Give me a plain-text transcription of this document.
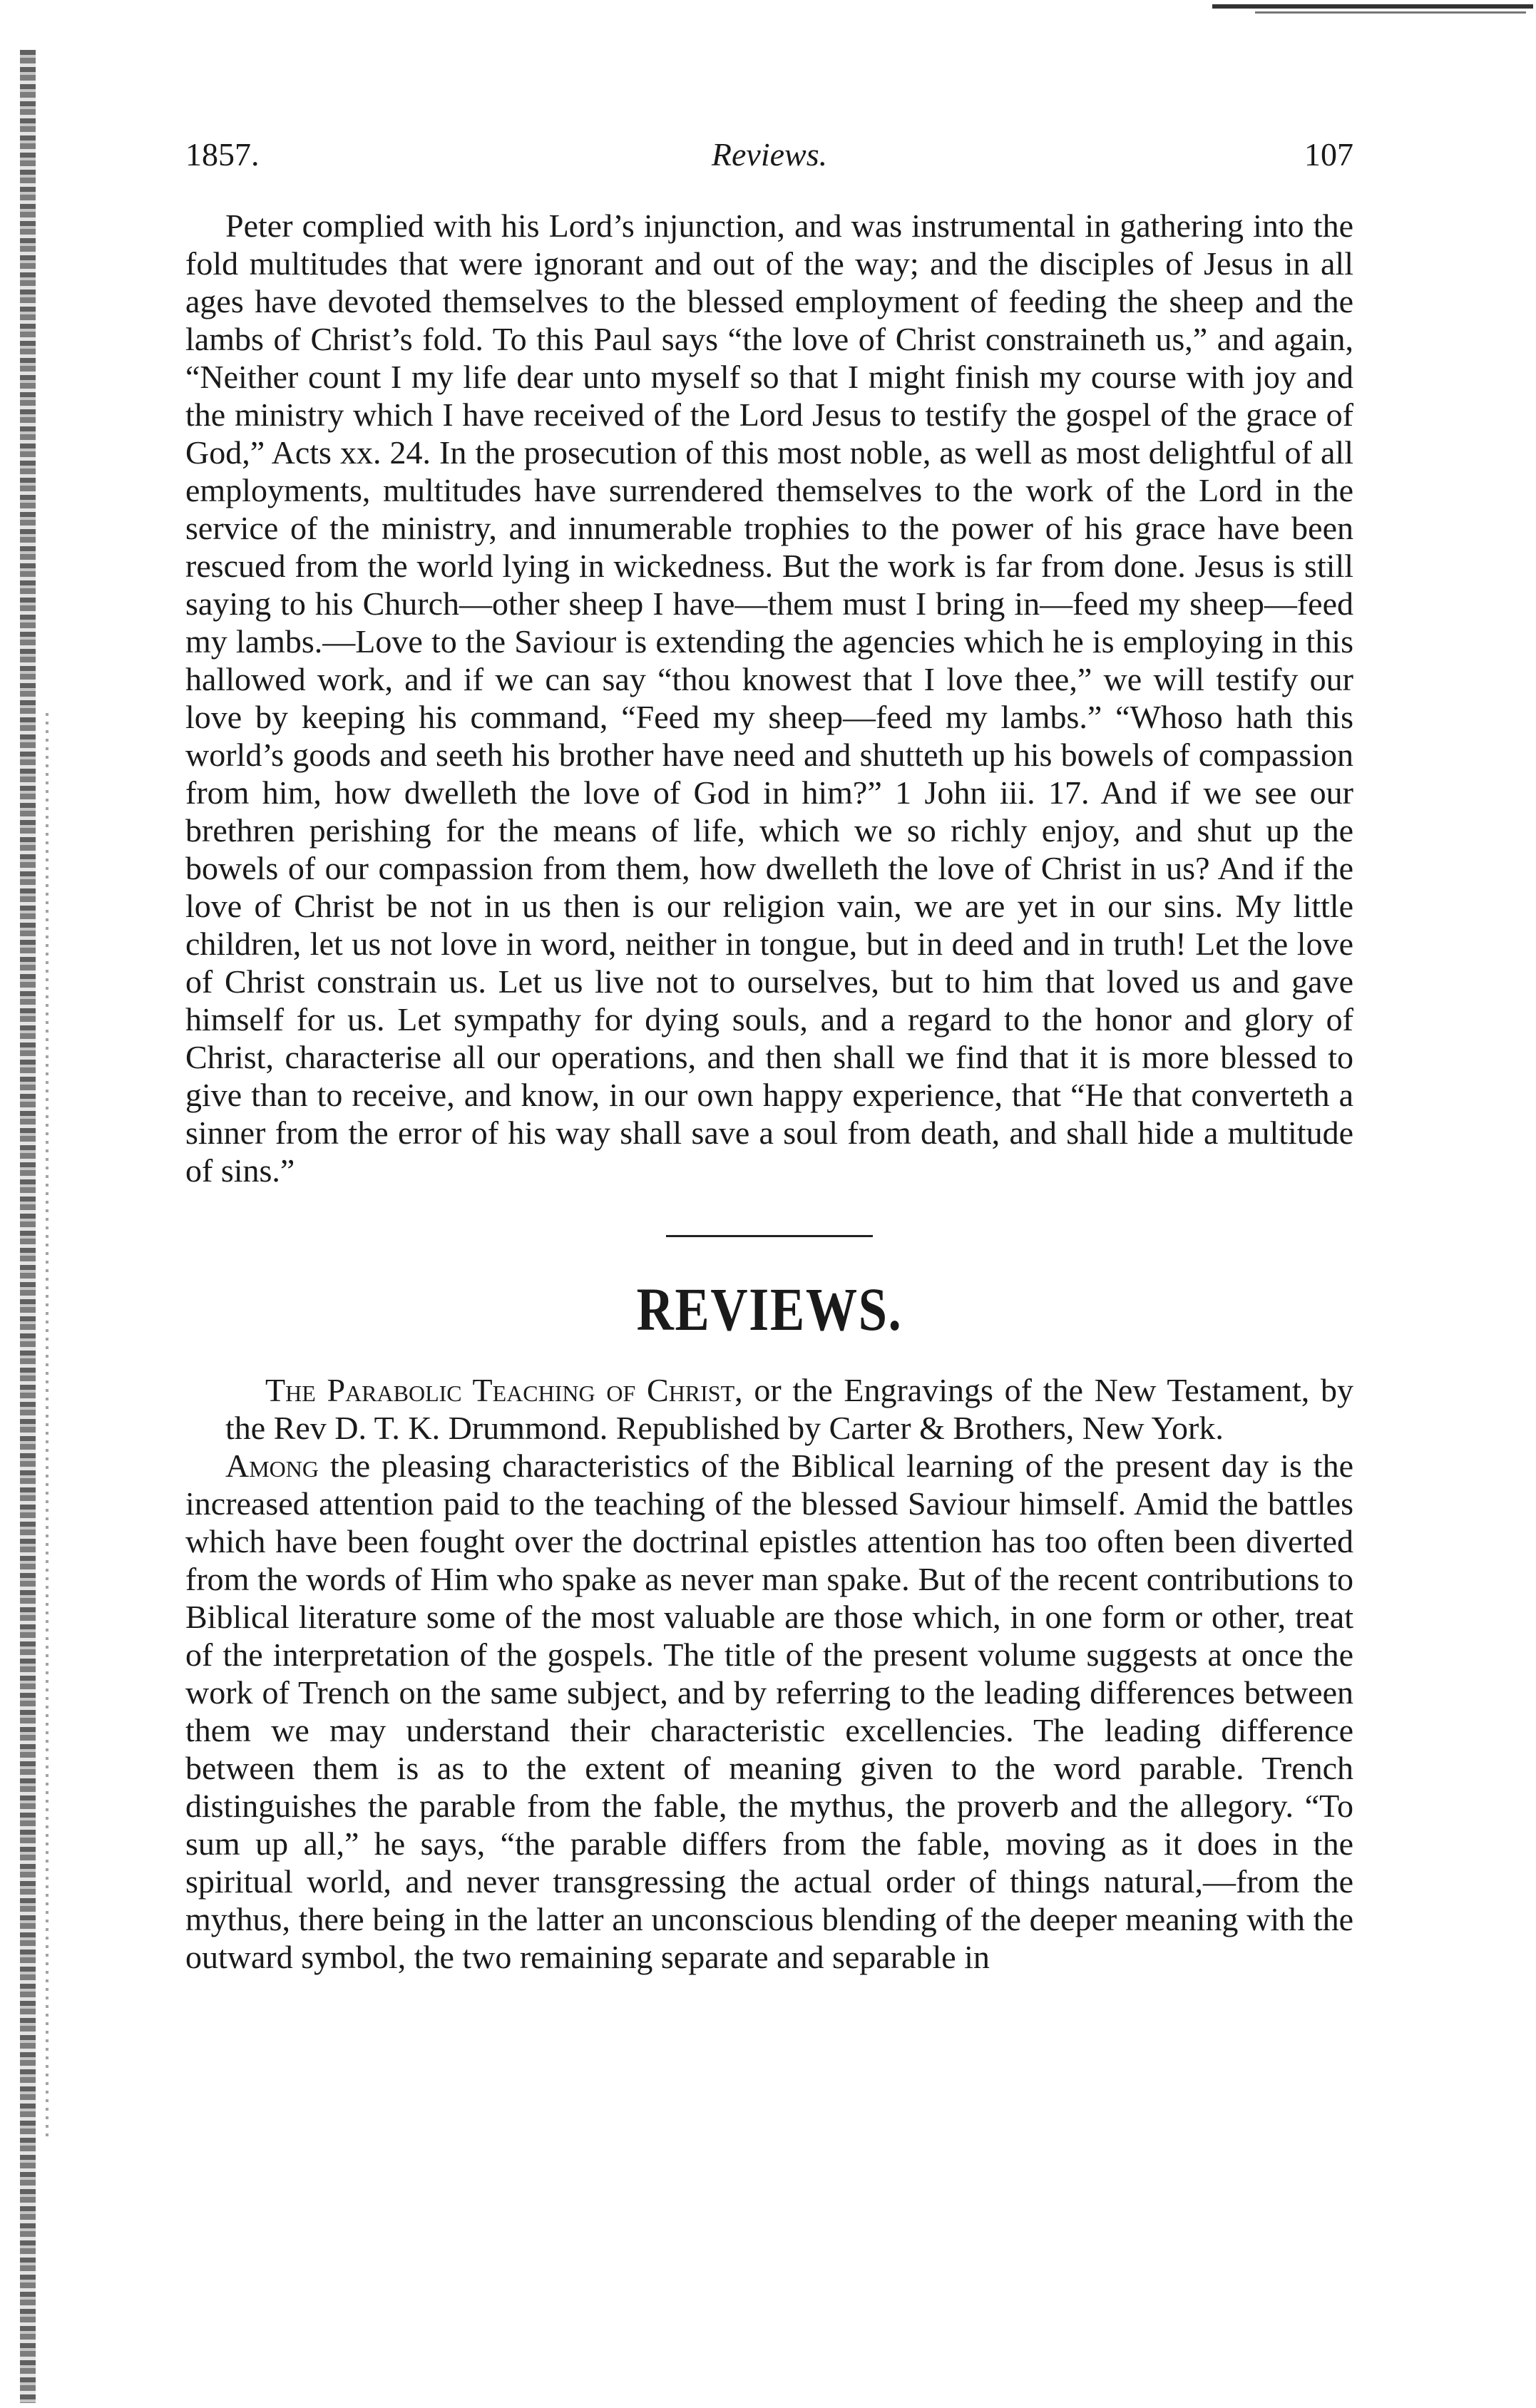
1857.	Reviews.	107

Peter complied with his Lord’s injunction, and was instrumental in gathering into the fold multitudes that were ignorant and out of the way; and the disciples of Jesus in all ages have devoted themselves to the blessed employment of feeding the sheep and the lambs of Christ’s fold. To this Paul says “the love of Christ constraineth us,” and again, “Neither count I my life dear unto myself so that I might finish my course with joy and the ministry which I have received of the Lord Jesus to testify the gospel of the grace of God,” Acts xx. 24. In the prosecution of this most noble, as well as most delightful of all employments, multitudes have surrendered themselves to the work of the Lord in the service of the ministry, and innumerable trophies to the power of his grace have been rescued from the world lying in wickedness. But the work is far from done. Jesus is still saying to his Church—other sheep I have—them must I bring in—feed my sheep—feed my lambs.—Love to the Saviour is extending the agencies which he is employing in this hallowed work, and if we can say “thou knowest that I love thee,” we will testify our love by keeping his command, “Feed my sheep—feed my lambs.” “Whoso hath this world’s goods and seeth his brother have need and shutteth up his bowels of compassion from him, how dwelleth the love of God in him?” 1 John iii. 17. And if we see our brethren perishing for the means of life, which we so richly enjoy, and shut up the bowels of our compassion from them, how dwelleth the love of Christ in us? And if the love of Christ be not in us then is our religion vain, we are yet in our sins. My little children, let us not love in word, neither in tongue, but in deed and in truth! Let the love of Christ constrain us. Let us live not to ourselves, but to him that loved us and gave himself for us. Let sympathy for dying souls, and a regard to the honor and glory of Christ, characterise all our operations, and then shall we find that it is more blessed to give than to receive, and know, in our own happy experience, that “He that converteth a sinner from the error of his way shall save a soul from death, and shall hide a multitude of sins.”

REVIEWS.

The Parabolic Teaching of Christ, or the Engravings of the New Testament, by the Rev D. T. K. Drummond. Republished by Carter & Brothers, New York.

Among the pleasing characteristics of the Biblical learning of the present day is the increased attention paid to the teaching of the blessed Saviour himself. Amid the battles which have been fought over the doctrinal epistles attention has too often been diverted from the words of Him who spake as never man spake. But of the recent contributions to Biblical literature some of the most valuable are those which, in one form or other, treat of the interpretation of the gospels. The title of the present volume suggests at once the work of Trench on the same subject, and by referring to the leading differences between them we may understand their characteristic excellencies. The leading difference between them is as to the extent of meaning given to the word parable. Trench distinguishes the parable from the fable, the mythus, the proverb and the allegory. “To sum up all,” he says, “the parable differs from the fable, moving as it does in the spiritual world, and never transgressing the actual order of things natural,—from the mythus, there being in the latter an unconscious blending of the deeper meaning with the outward symbol, the two remaining separate and separable in
